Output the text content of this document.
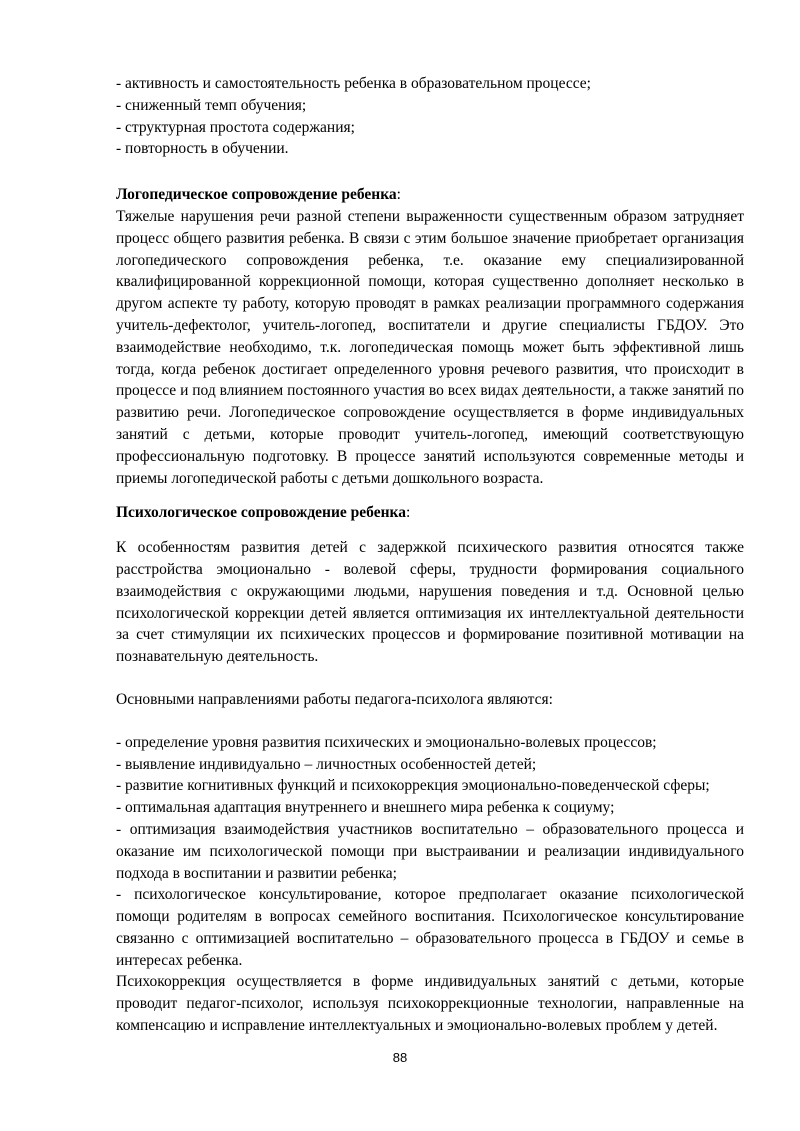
- активность и самостоятельность ребенка в образовательном процессе;

- сниженный темп обучения;

- структурная простота содержания;

- повторность в обучении.

Логопедическое сопровождение ребенка:

Тяжелые нарушения речи разной степени выраженности существенным образом затрудняет процесс общего развития ребенка. В связи с этим большое значение приобретает организация логопедического сопровождения ребенка, т.е. оказание ему специализированной квалифицированной коррекционной помощи, которая существенно дополняет несколько в другом аспекте ту работу, которую проводят в рамках реализации программного содержания учитель-дефектолог, учитель-логопед, воспитатели и другие специалисты ГБДОУ. Это взаимодействие необходимо, т.к. логопедическая помощь может быть эффективной лишь тогда, когда ребенок достигает определенного уровня речевого развития, что происходит в процессе и под влиянием постоянного участия во всех видах деятельности, а также занятий по развитию речи. Логопедическое сопровождение осуществляется в форме индивидуальных занятий с детьми, которые проводит учитель-логопед, имеющий соответствующую профессиональную подготовку. В процессе занятий используются современные методы и приемы логопедической работы с детьми дошкольного возраста.

Психологическое сопровождение ребенка:

К особенностям развития детей с задержкой психического развития относятся также расстройства эмоционально - волевой сферы, трудности формирования социального взаимодействия с окружающими людьми, нарушения поведения и т.д. Основной целью психологической коррекции детей является оптимизация их интеллектуальной деятельности за счет стимуляции их психических процессов и формирование позитивной мотивации на познавательную деятельность.

Основными направлениями работы педагога-психолога являются:

- определение уровня развития психических и эмоционально-волевых процессов;

- выявление индивидуально – личностных особенностей детей;

- развитие когнитивных функций и психокоррекция эмоционально-поведенческой сферы;

- оптимальная адаптация внутреннего и внешнего мира ребенка к социуму;

- оптимизация взаимодействия участников воспитательно – образовательного процесса и оказание им психологической помощи при выстраивании и реализации индивидуального подхода в воспитании и развитии ребенка;

- психологическое консультирование, которое предполагает оказание психологической помощи родителям в вопросах семейного воспитания. Психологическое консультирование связанно с оптимизацией воспитательно – образовательного процесса в ГБДОУ и семье в интересах ребенка.

Психокоррекция осуществляется в форме индивидуальных занятий с детьми, которые проводит педагог-психолог, используя психокоррекционные технологии, направленные на компенсацию и исправление интеллектуальных и эмоционально-волевых проблем у детей.

88
